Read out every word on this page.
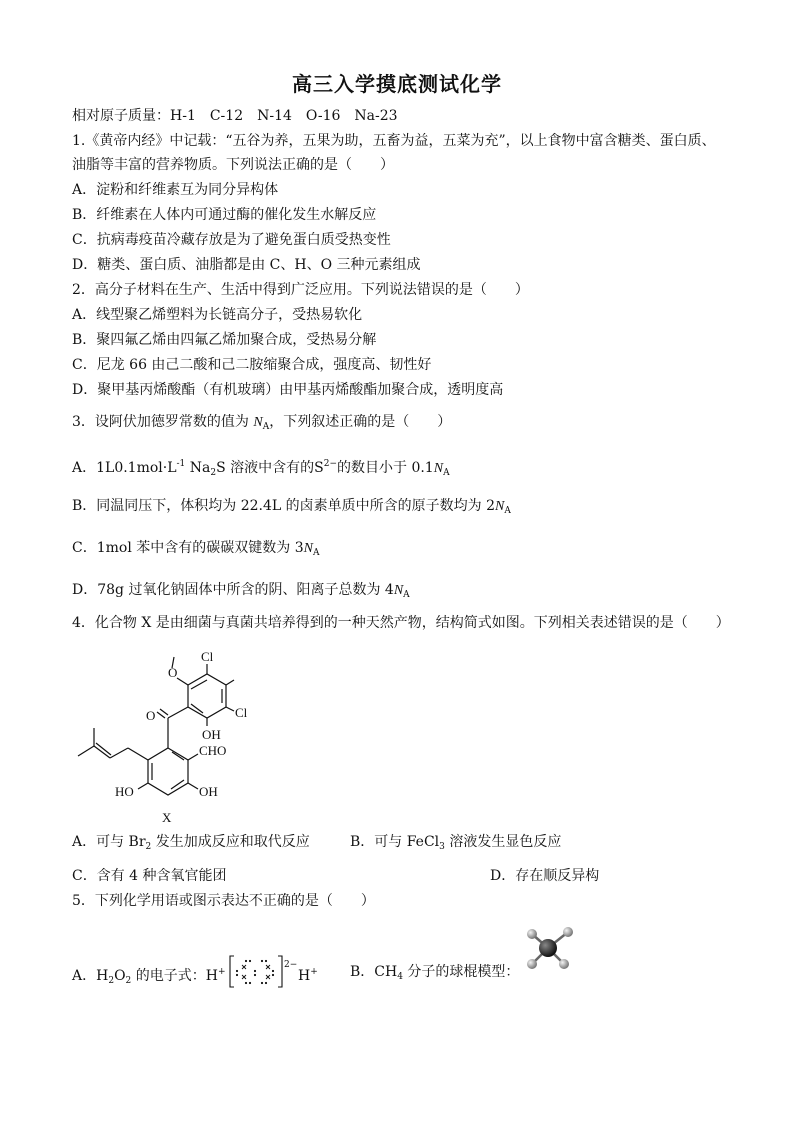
高三入学摸底测试化学
相对原子质量：H-1　C-12　N-14　O-16　Na-23
1.《黄帝内经》中记载：“五谷为养，五果为助，五畜为益，五菜为充”，以上食物中富含糖类、蛋白质、
油脂等丰富的营养物质。下列说法正确的是（　　）
A．淀粉和纤维素互为同分异构体
B．纤维素在人体内可通过酶的催化发生水解反应
C．抗病毒疫苗冷藏存放是为了避免蛋白质受热变性
D．糖类、蛋白质、油脂都是由 C、H、O 三种元素组成
2．高分子材料在生产、生活中得到广泛应用。下列说法错误的是（　　）
A．线型聚乙烯塑料为长链高分子，受热易软化
B．聚四氟乙烯由四氟乙烯加聚合成，受热易分解
C．尼龙 66 由己二酸和己二胺缩聚合成，强度高、韧性好
D．聚甲基丙烯酸酯（有机玻璃）由甲基丙烯酸酯加聚合成，透明度高
3．设阿伏加德罗常数的值为 $N_A$，下列叙述正确的是（　　）
A．$1L0.1mol\cdot L^{-1}$ $Na_2S$ 溶液中含有的$S^{2-}$的数目小于 $0.1N_A$
B．同温同压下，体积均为 22.4L 的卤素单质中所含的原子数均为 $2N_A$
C．1mol 苯中含有的碳碳双键数为 $3N_A$
D．78g 过氧化钠固体中所含的阴、阳离子总数为 $4N_A$
4．化合物 X 是由细菌与真菌共培养得到的一种天然产物，结构简式如图。下列相关表述错误的是（　　）
Cl
O
Cl
OH
O
CHO
HO	OH
X
A．可与 $Br_2$ 发生加成反应和取代反应	B．可与 FeCl$_3$ 溶液发生显色反应
C．含有 4 种含氧官能团	D．存在顺反异构
5．下列化学用语或图示表达不正确的是（　　）
A．$H_2O_2$ 的电子式：H+
2−
H+ B．$CH_4$ 分子的球棍模型：
